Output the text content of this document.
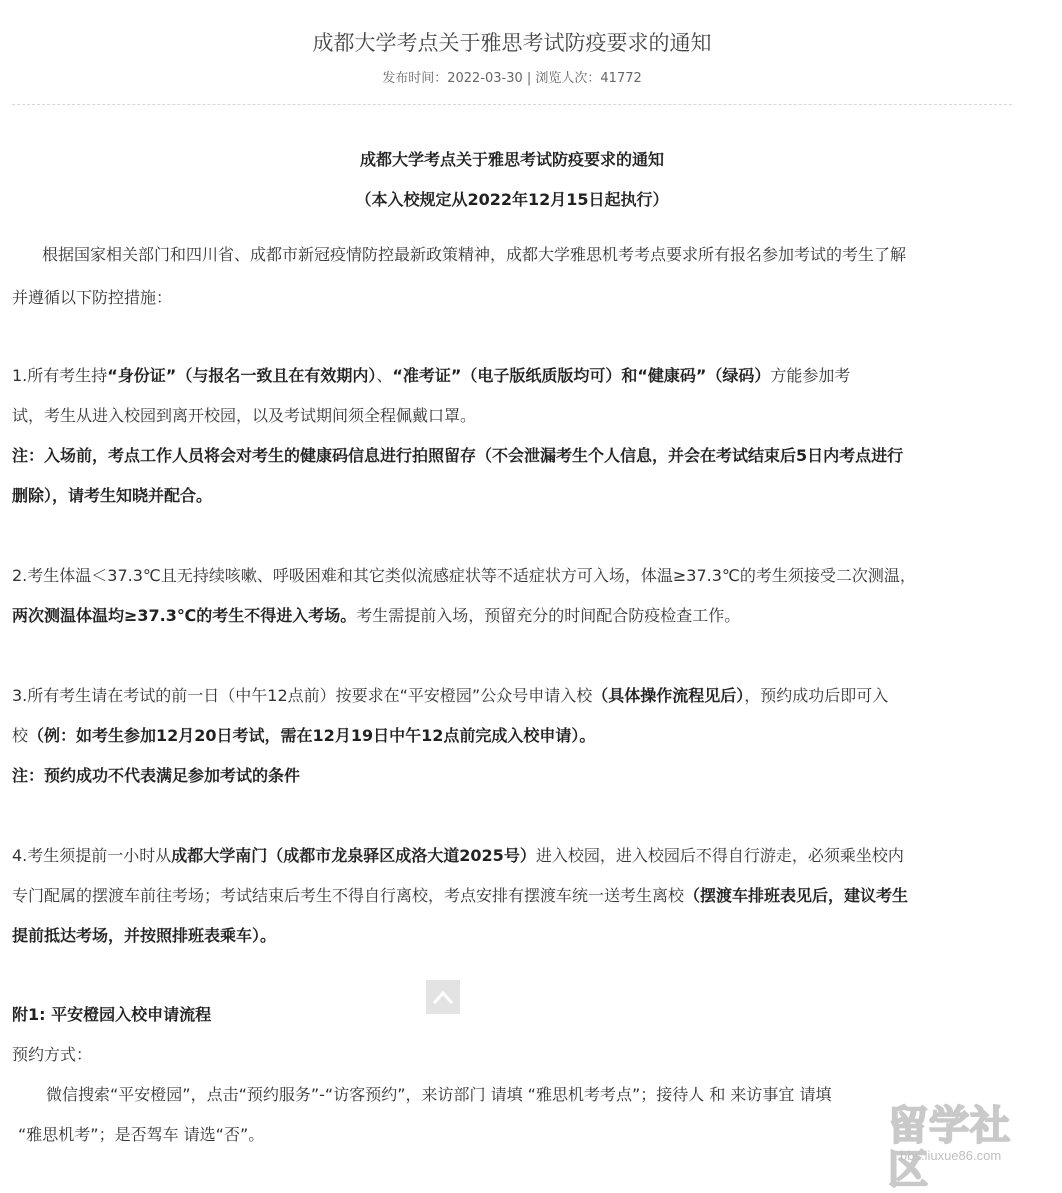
成都大学考点关于雅思考试防疫要求的通知
发布时间：2022-03-30 | 浏览人次：41772
成都大学考点关于雅思考试防疫要求的通知
（本入校规定从2022年12月15日起执行）
根据国家相关部门和四川省、成都市新冠疫情防控最新政策精神，成都大学雅思机考考点要求所有报名参加考试的考生了解
并遵循以下防控措施：
1.所有考生持“身份证”（与报名一致且在有效期内）、“准考证”（电子版纸质版均可）和“健康码”（绿码）方能参加考
试，考生从进入校园到离开校园，以及考试期间须全程佩戴口罩。
注：入场前，考点工作人员将会对考生的健康码信息进行拍照留存（不会泄漏考生个人信息，并会在考试结束后5日内考点进行
删除），请考生知晓并配合。
2.考生体温＜37.3℃且无持续咳嗽、呼吸困难和其它类似流感症状等不适症状方可入场，体温≥37.3℃的考生须接受二次测温，
两次测温体温均≥37.3℃的考生不得进入考场。考生需提前入场，预留充分的时间配合防疫检查工作。
3.所有考生请在考试的前一日（中午12点前）按要求在“平安橙园”公众号申请入校（具体操作流程见后），预约成功后即可入
校（例：如考生参加12月20日考试，需在12月19日中午12点前完成入校申请）。
注：预约成功不代表满足参加考试的条件
4.考生须提前一小时从成都大学南门（成都市龙泉驿区成洛大道2025号）进入校园，进入校园后不得自行游走，必须乘坐校内
专门配属的摆渡车前往考场；考试结束后考生不得自行离校，考点安排有摆渡车统一送考生离校（摆渡车排班表见后，建议考生
提前抵达考场，并按照排班表乘车）。
附1: 平安橙园入校申请流程
预约方式：
微信搜索“平安橙园”，点击“预约服务”-“访客预约”，来访部门 请填 “雅思机考考点”；接待人 和 来访事宜 请填
“雅思机考”；是否驾车 请选“否”。	留学社区
bbs.liuxue86.com
